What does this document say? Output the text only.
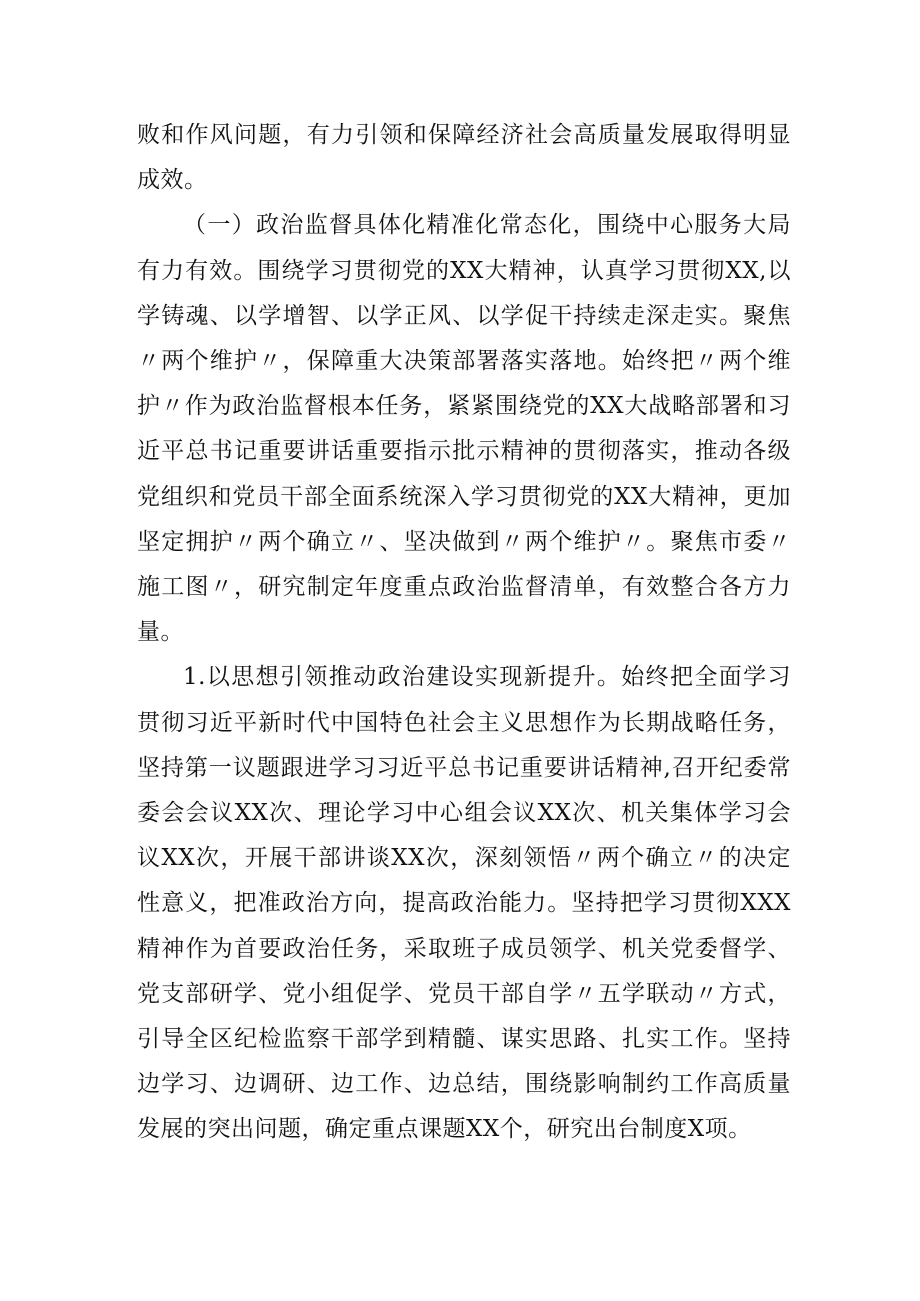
败和作风问题，有力引领和保障经济社会高质量发展取得明显成效。

（一）政治监督具体化精准化常态化，围绕中心服务大局有力有效。围绕学习贯彻党的XX大精神，认真学习贯彻XX,以学铸魂、以学增智、以学正风、以学促干持续走深走实。聚焦〃两个维护〃，保障重大决策部署落实落地。始终把〃两个维护〃作为政治监督根本任务，紧紧围绕党的XX大战略部署和习近平总书记重要讲话重要指示批示精神的贯彻落实，推动各级党组织和党员干部全面系统深入学习贯彻党的XX大精神，更加坚定拥护〃两个确立〃、坚决做到〃两个维护〃。聚焦市委〃施工图〃，研究制定年度重点政治监督清单，有效整合各方力量。

1.以思想引领推动政治建设实现新提升。始终把全面学习贯彻习近平新时代中国特色社会主义思想作为长期战略任务，坚持第一议题跟进学习习近平总书记重要讲话精神,召开纪委常委会会议XX次、理论学习中心组会议XX次、机关集体学习会议XX次，开展干部讲谈XX次，深刻领悟〃两个确立〃的决定性意义，把准政治方向，提高政治能力。坚持把学习贯彻XXX精神作为首要政治任务，采取班子成员领学、机关党委督学、党支部研学、党小组促学、党员干部自学〃五学联动〃方式，引导全区纪检监察干部学到精髓、谋实思路、扎实工作。坚持边学习、边调研、边工作、边总结，围绕影响制约工作高质量发展的突出问题，确定重点课题XX个，研究出台制度X项。
